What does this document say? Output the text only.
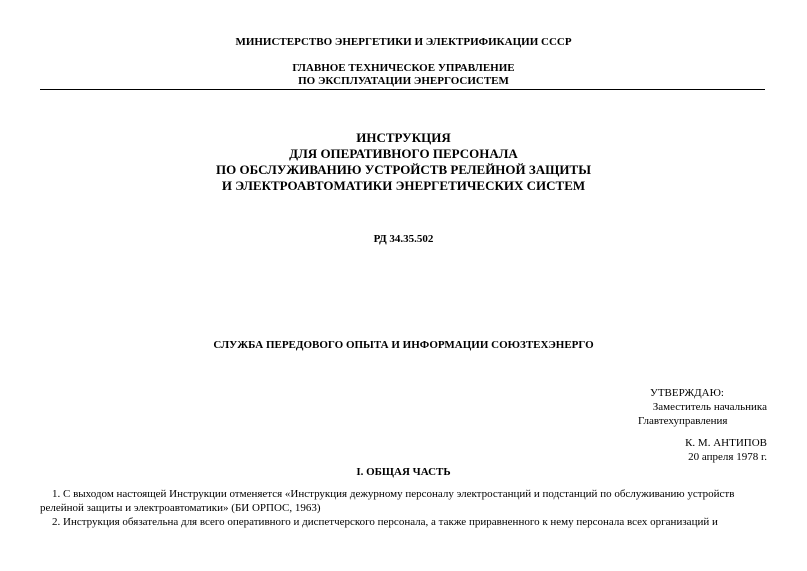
МИНИСТЕРСТВО ЭНЕРГЕТИКИ И ЭЛЕКТРИФИКАЦИИ СССР
ГЛАВНОЕ ТЕХНИЧЕСКОЕ УПРАВЛЕНИЕ
ПО ЭКСПЛУАТАЦИИ ЭНЕРГОСИСТЕМ
ИНСТРУКЦИЯ
ДЛЯ ОПЕРАТИВНОГО ПЕРСОНАЛА
ПО ОБСЛУЖИВАНИЮ УСТРОЙСТВ РЕЛЕЙНОЙ ЗАЩИТЫ
И ЭЛЕКТРОАВТОМАТИКИ ЭНЕРГЕТИЧЕСКИХ СИСТЕМ
РД 34.35.502
СЛУЖБА ПЕРЕДОВОГО ОПЫТА И ИНФОРМАЦИИ СОЮЗТЕХЭНЕРГО
УТВЕРЖДАЮ:
Заместитель начальника
Главтехуправления
К. М. АНТИПОВ
20 апреля 1978 г.
I. ОБЩАЯ ЧАСТЬ
1. С выходом настоящей Инструкции отменяется «Инструкция дежурному персоналу электростанций и подстанций по обслуживанию устройств
релейной защиты и электроавтоматики» (БИ ОРПОС, 1963)
2. Инструкция обязательна для всего оперативного и диспетчерского персонала, а также приравненного к нему персонала всех организаций и
